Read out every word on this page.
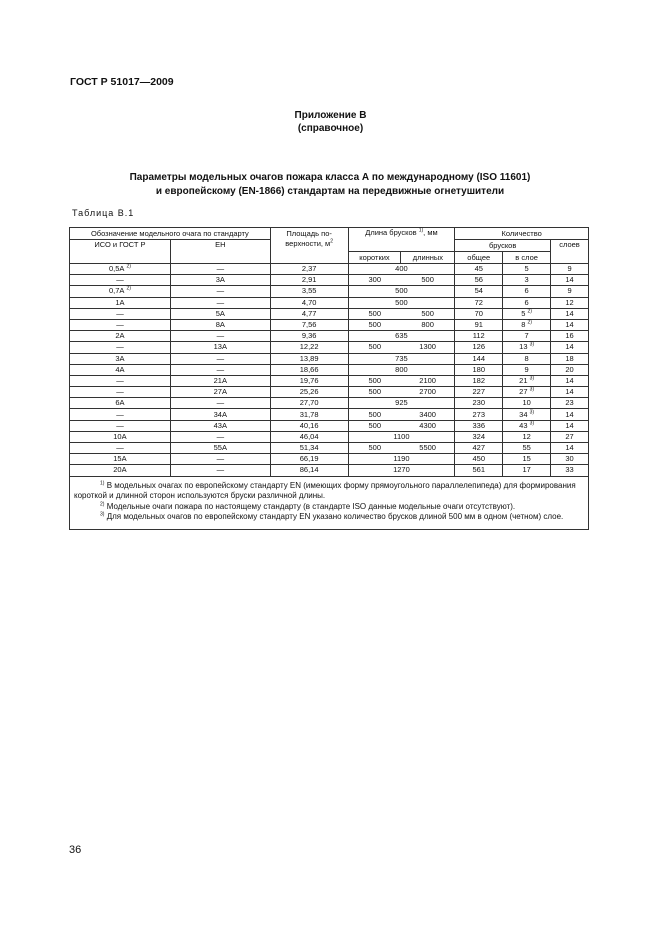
ГОСТ Р 51017—2009
Приложение В
(справочное)
Параметры модельных очагов пожара класса А по международному (ISO 11601)
и европейскому (EN-1866) стандартам на передвижные огнетушители
Таблица В.1
Обозначение модельного очага по стандарту		Площадь по-
верхности, $м^2$	Длина брусков $^{1)}$, мм		Количество		
ИСО и ГОСТ Р	ЕН				брусков		слоев
			коротких	длинных	общее	в слое	
0,5А $^{2)}$	—	2,37	400		45	5	9
—	3А	2,91	300	500	56	3	14
0,7А $^{2)}$	—	3,55	500		54	6	9
1А	—	4,70	500		72	6	12
—	5А	4,77	500	500	70	5 $^{2)}$	14
—	8А	7,56	500	800	91	8 $^{2)}$	14
2А	—	9,36	635		112	7	16
—	13А	12,22	500	1300	126	13 $^{3)}$	14
3А	—	13,89	735		144	8	18
4А	—	18,66	800		180	9	20
—	21А	19,76	500	2100	182	21 $^{3)}$	14
—	27А	25,26	500	2700	227	27 $^{3)}$	14
6А	—	27,70	925		230	10	23
—	34А	31,78	500	3400	273	34 $^{3)}$	14
—	43А	40,16	500	4300	336	43 $^{3)}$	14
10А	—	46,04	1100		324	12	27
—	55А	51,34	500	5500	427	55	14
15А	—	66,19	1190		450	15	30
20А	—	86,14	1270		561	17	33

$^{1)}$ В модельных очагах по европейскому стандарту EN (имеющих форму прямоугольного параллелепипеда) для формирования короткой и длинной сторон используются бруски различной длины.

$^{2)}$ Модельные очаги пожара по настоящему стандарту (в стандарте ISO данные модельные очаги отсутствуют).

$^{3)}$ Для модельных очагов по европейскому стандарту EN указано количество брусков длиной 500 мм в одном (четном) слое.							

36
